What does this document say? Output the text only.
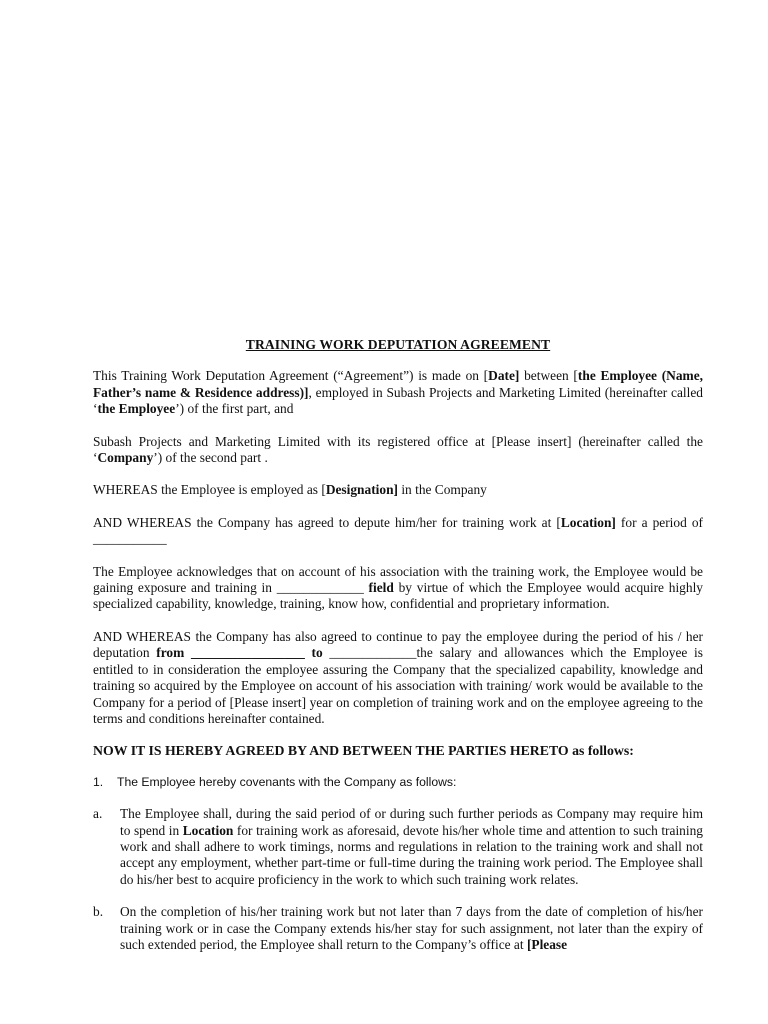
TRAINING WORK DEPUTATION AGREEMENT

This Training Work Deputation Agreement (“Agreement”) is made on [Date] between [the Employee (Name, Father’s name & Residence address)], employed in Subash Projects and Marketing Limited (hereinafter called ‘the Employee’) of the first part, and

Subash Projects and Marketing Limited with its registered office at [Please insert] (hereinafter called the ‘Company’) of the second part .

WHEREAS the Employee is employed as [Designation] in the Company

AND WHEREAS the Company has agreed to depute him/her for training work at [Location] for a period of ___________

The Employee acknowledges that on account of his association with the training work, the Employee would be gaining exposure and training in _____________ field by virtue of which the Employee would acquire highly specialized capability, knowledge, training, know how, confidential and proprietary information.

AND WHEREAS the Company has also agreed to continue to pay the employee during the period of his / her deputation from _________________ to _____________the salary and allowances which the Employee is entitled to in consideration the employee assuring the Company that the specialized capability, knowledge and training so acquired by the Employee on account of his association with training/ work would be available to the Company for a period of [Please insert] year on completion of training work and on the employee agreeing to the terms and conditions hereinafter contained.

NOW IT IS HEREBY AGREED BY AND BETWEEN THE PARTIES HERETO as follows:

1.	The Employee hereby covenants with the Company as follows:
a.	The Employee shall, during the said period of or during such further periods as Company may require him to spend in Location for training work as aforesaid, devote his/her whole time and attention to such training work and shall adhere to work timings, norms and regulations in relation to the training work and shall not accept any employment, whether part-time or full-time during the training work period. The Employee shall do his/her best to acquire proficiency in the work to which such training work relates.

b.	On the completion of his/her training work but not later than 7 days from the date of completion of his/her training work or in case the Company extends his/her stay for such assignment, not later than the expiry of such extended period, the Employee shall return to the Company’s office at [Please
